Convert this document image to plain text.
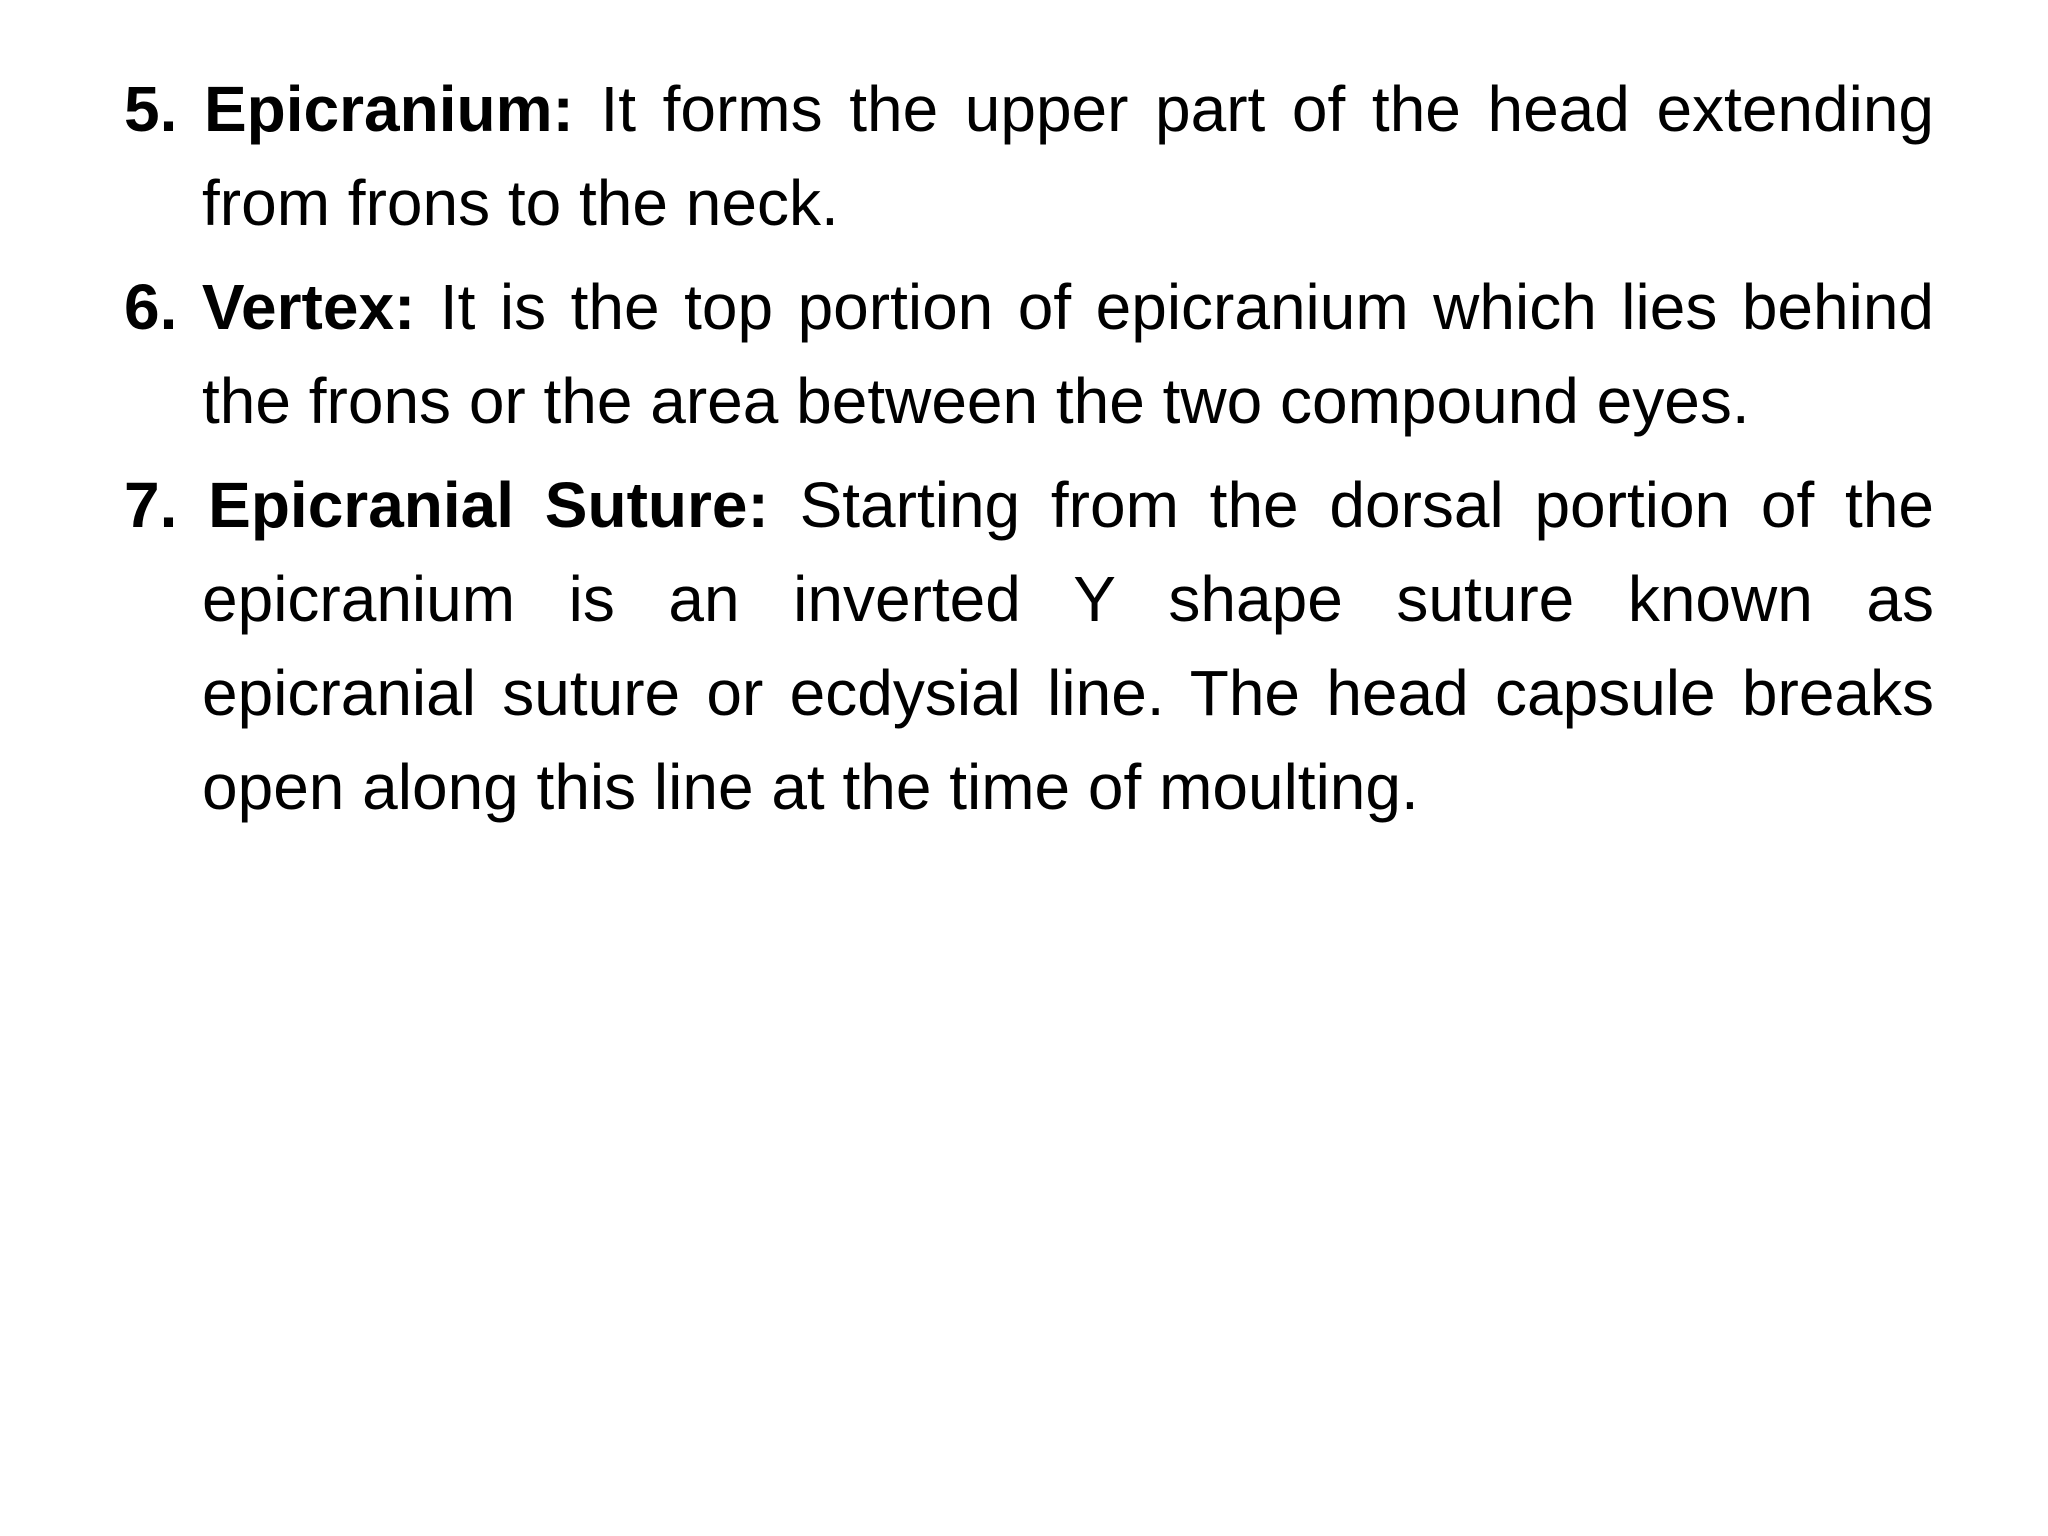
5. Epicranium: It forms the upper part of the head extending from frons to the neck.

6. Vertex: It is the top portion of epicranium which lies behind the frons or the area between the two compound eyes.

7. Epicranial Suture: Starting from the dorsal portion of the epicranium is an inverted Y shape suture known as epicranial suture or ecdysial line. The head capsule breaks open along this line at the time of moulting.
